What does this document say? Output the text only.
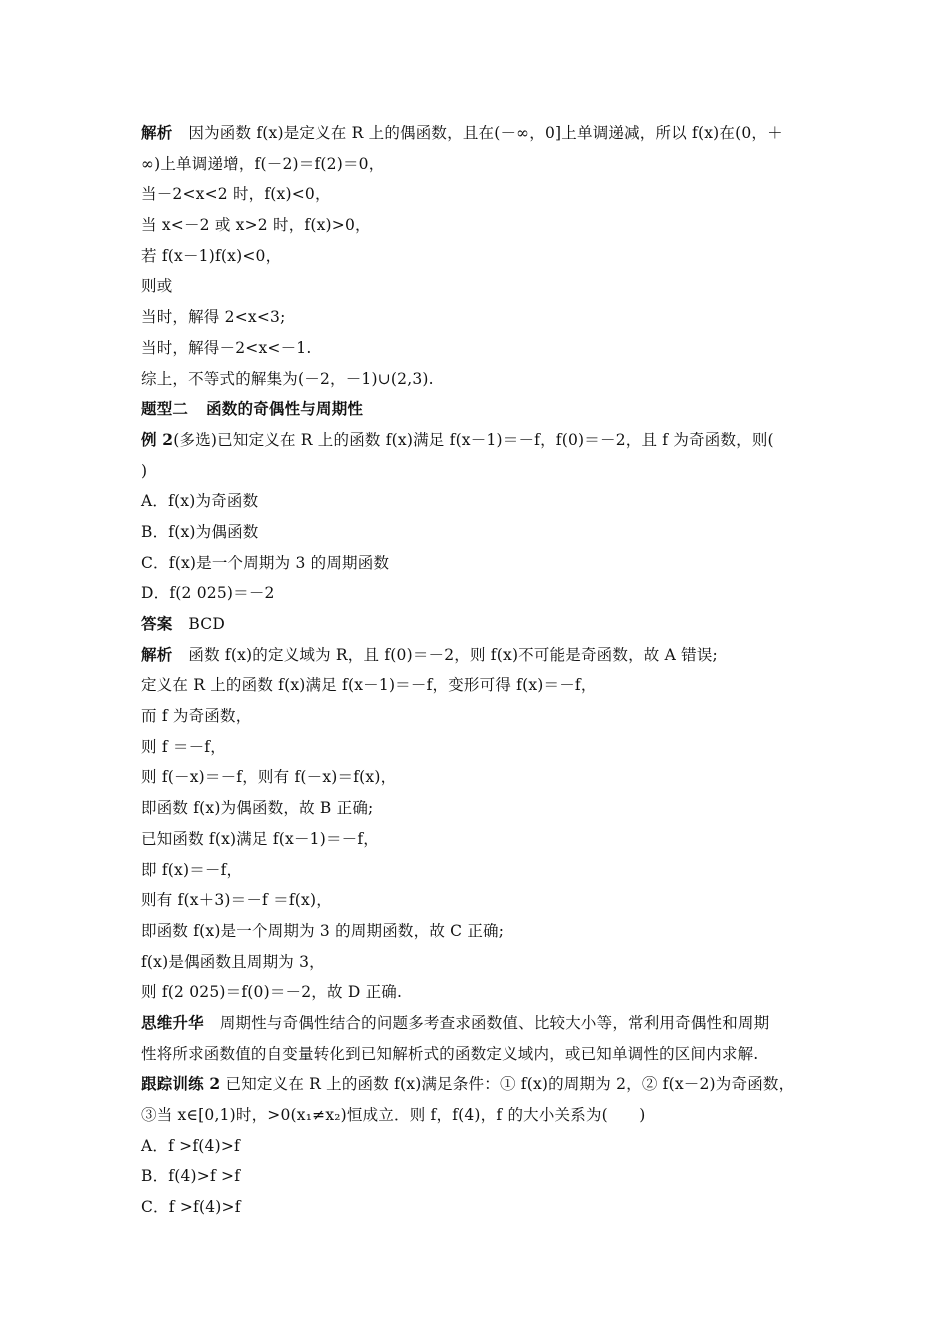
解析 因为函数 f(x)是定义在 R 上的偶函数，且在(－∞，0]上单调递减，所以 f(x)在(0，＋
∞)上单调递增，f(－2)＝f(2)＝0，
当－2<x<2 时，f(x)<0，
当 x<－2 或 x>2 时，f(x)>0，
若 f(x－1)f(x)<0，
则或
当时，解得 2<x<3;
当时，解得－2<x<－1.
综上，不等式的解集为(－2，－1)∪(2,3).
题型二 函数的奇偶性与周期性
例 2(多选)已知定义在 R 上的函数 f(x)满足 f(x－1)＝－f，f(0)＝－2，且 f 为奇函数，则(
)
A．f(x)为奇函数
B．f(x)为偶函数
C．f(x)是一个周期为 3 的周期函数
D．f(2 025)＝－2
答案 BCD
解析 函数 f(x)的定义域为 R，且 f(0)＝－2，则 f(x)不可能是奇函数，故 A 错误;
定义在 R 上的函数 f(x)满足 f(x－1)＝－f，变形可得 f(x)＝－f，
而 f 为奇函数，
则 f ＝－f，
则 f(－x)＝－f，则有 f(－x)＝f(x)，
即函数 f(x)为偶函数，故 B 正确;
已知函数 f(x)满足 f(x－1)＝－f，
即 f(x)＝－f，
则有 f(x＋3)＝－f ＝f(x)，
即函数 f(x)是一个周期为 3 的周期函数，故 C 正确;
f(x)是偶函数且周期为 3，
则 f(2 025)＝f(0)＝－2，故 D 正确.
思维升华 周期性与奇偶性结合的问题多考查求函数值、比较大小等，常利用奇偶性和周期
性将所求函数值的自变量转化到已知解析式的函数定义域内，或已知单调性的区间内求解.
跟踪训练 2 已知定义在 R 上的函数 f(x)满足条件：① f(x)的周期为 2，② f(x－2)为奇函数，
③当 x∈[0,1)时，>0(x₁≠x₂)恒成立．则 f，f(4)，f 的大小关系为(　　)
A．f >f(4)>f
B．f(4)>f >f
C．f >f(4)>f
